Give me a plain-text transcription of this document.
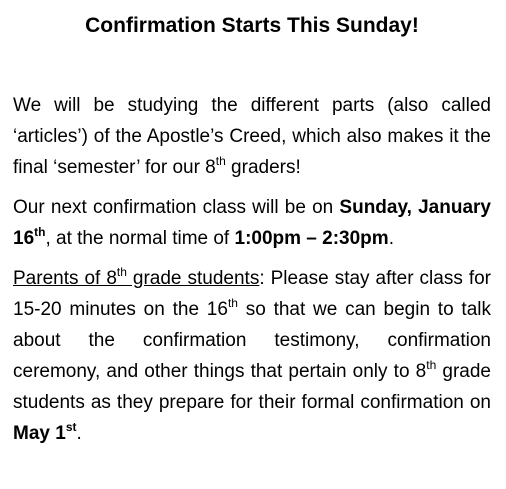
Confirmation Starts This Sunday!

We will be studying the different parts (also called ‘articles’) of the Apostle’s Creed, which also makes it the final ‘semester’ for our 8th graders!

Our next confirmation class will be on Sunday, January 16th, at the normal time of 1:00pm – 2:30pm.

Parents of 8th grade students: Please stay after class for 15-20 minutes on the 16th so that we can begin to talk about the confirmation testimony, confirmation ceremony, and other things that pertain only to 8th grade students as they prepare for their formal confirmation on May 1st.
